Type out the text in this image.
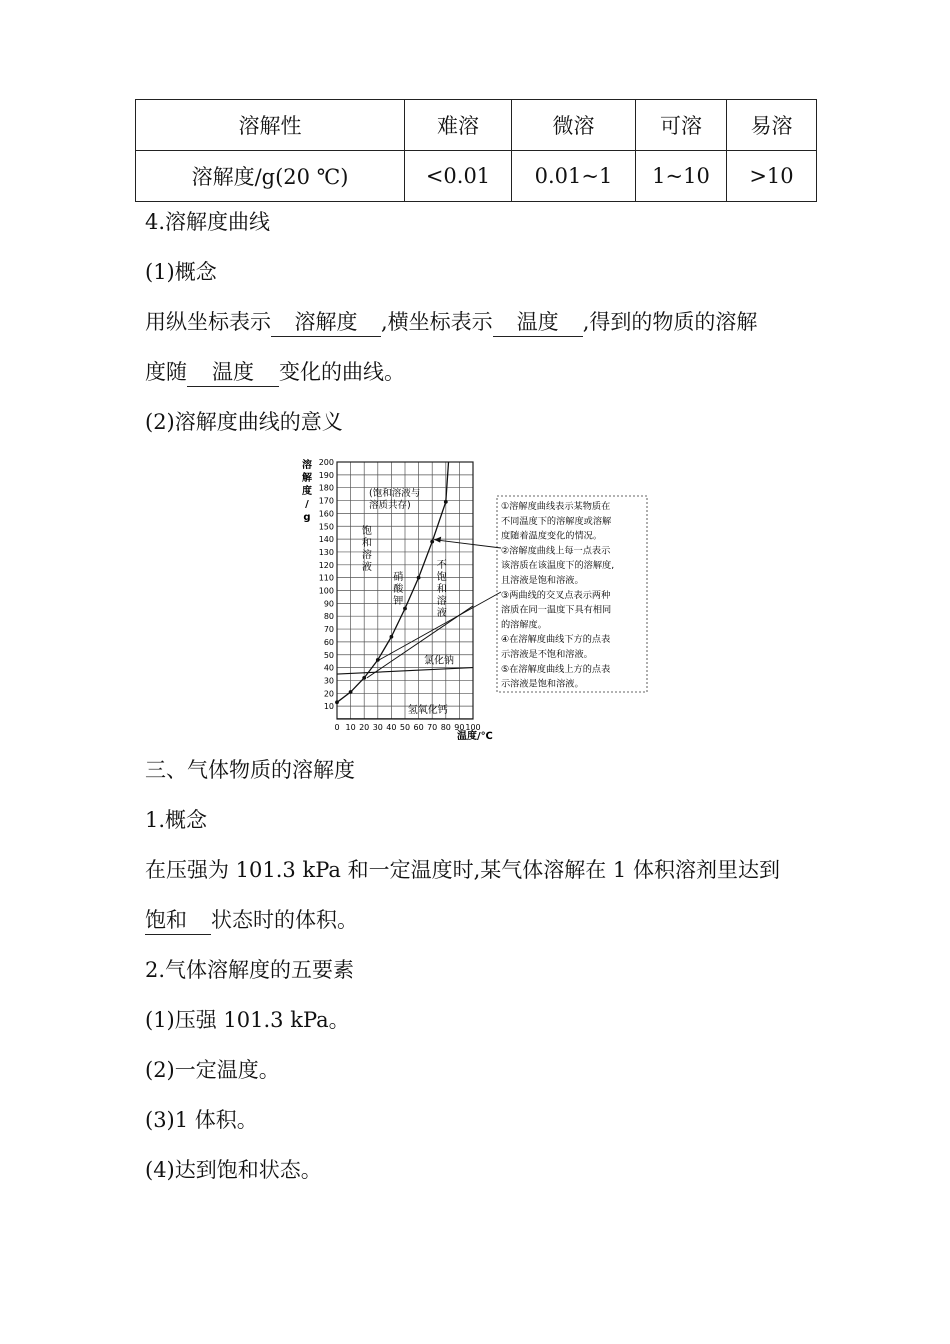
溶解性	难溶	微溶	可溶	易溶
溶解度/g(20 ℃)	<0.01	0.01~1	1~10	>10
4.溶解度曲线
(1)概念
用纵坐标表示 溶解度 ,横坐标表示 温度 ,得到的物质的溶解
度随 温度 变化的曲线。
(2)溶解度曲线的意义
200
190
180
170
160
150
140
130
120
110
100
90
80
70
60
50
40
30
20
10
0 10 20 30 40 50 60 70 80 90 100
溶
解
度
/
g
温度/℃
(饱和溶液与
溶质共存)
饱
和
溶
液
硝
酸
钾
不
饱
和
溶
液
氯化钠
氢氧化钙
①溶解度曲线表示某物质在
不同温度下的溶解度或溶解
度随着温度变化的情况。
②溶解度曲线上每一点表示
该溶质在该温度下的溶解度,
且溶液是饱和溶液。
③两曲线的交叉点表示两种
溶质在同一温度下具有相同
的溶解度。
④在溶解度曲线下方的点表
示溶液是不饱和溶液。
⑤在溶解度曲线上方的点表
示溶液是饱和溶液。
三、气体物质的溶解度
1.概念
在压强为 101.3 kPa 和一定温度时,某气体溶解在 1 体积溶剂里达到
饱和 状态时的体积。
2.气体溶解度的五要素
(1)压强 101.3 kPa。
(2)一定温度。
(3)1 体积。
(4)达到饱和状态。
